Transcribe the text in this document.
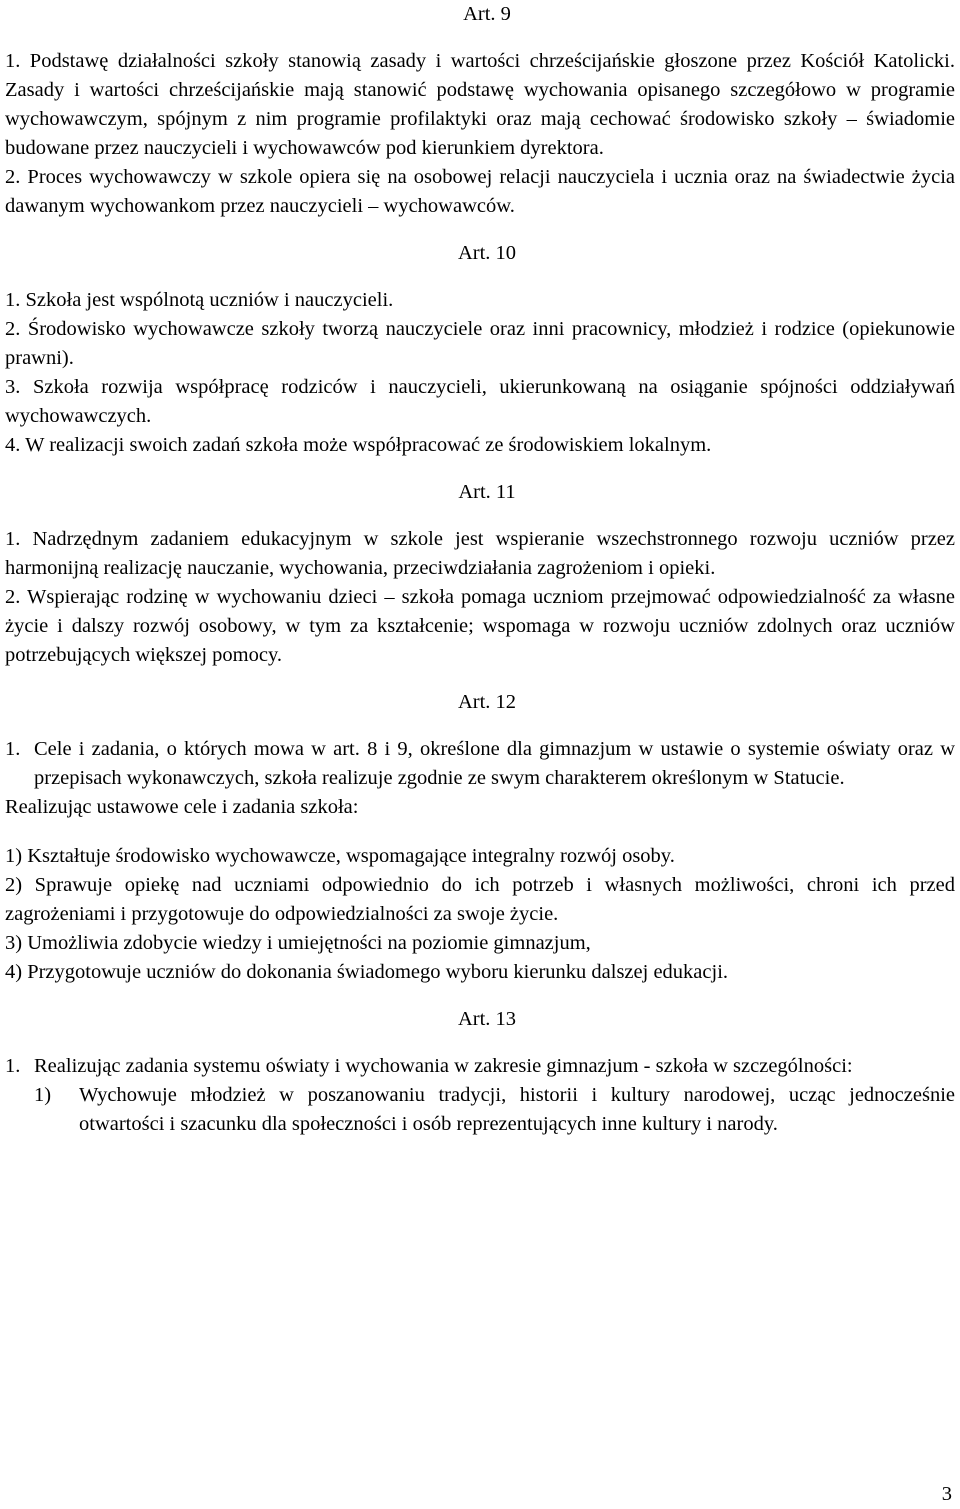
Art. 9

1. Podstawę działalności szkoły stanowią zasady i wartości chrześcijańskie głoszone przez Kościół Katolicki. Zasady i wartości chrześcijańskie mają stanowić podstawę wychowania opisanego szczegółowo w programie wychowawczym, spójnym z nim programie profilaktyki oraz mają cechować środowisko szkoły – świadomie budowane przez nauczycieli i wychowawców pod kierunkiem dyrektora.

2. Proces wychowawczy w szkole opiera się na osobowej relacji nauczyciela i ucznia oraz na świadectwie życia dawanym wychowankom przez nauczycieli – wychowawców.

Art. 10

1. Szkoła jest wspólnotą uczniów i nauczycieli.

2. Środowisko wychowawcze szkoły tworzą nauczyciele oraz inni pracownicy, młodzież i rodzice (opiekunowie prawni).

3. Szkoła rozwija współpracę rodziców i nauczycieli, ukierunkowaną na osiąganie spójności oddziaływań wychowawczych.

4. W realizacji swoich zadań szkoła może współpracować ze środowiskiem lokalnym.

Art. 11

1. Nadrzędnym zadaniem edukacyjnym w szkole jest wspieranie wszechstronnego rozwoju uczniów przez harmonijną realizację nauczanie, wychowania, przeciwdziałania zagrożeniom i opieki.

2. Wspierając rodzinę w wychowaniu dzieci – szkoła pomaga uczniom przejmować odpowiedzialność za własne życie i dalszy rozwój osobowy, w tym za kształcenie; wspomaga w rozwoju uczniów zdolnych oraz uczniów potrzebujących większej pomocy.

Art. 12

1. Cele i zadania, o których mowa w art. 8 i 9, określone dla gimnazjum w ustawie o systemie oświaty oraz w przepisach wykonawczych, szkoła realizuje zgodnie ze swym charakterem określonym w Statucie.

Realizując ustawowe cele i zadania szkoła:

1) Kształtuje środowisko wychowawcze, wspomagające integralny rozwój osoby.

2) Sprawuje opiekę nad uczniami odpowiednio do ich potrzeb i własnych możliwości, chroni ich przed zagrożeniami i przygotowuje do odpowiedzialności za swoje życie.

3) Umożliwia zdobycie wiedzy i umiejętności na poziomie gimnazjum,

4) Przygotowuje uczniów do dokonania świadomego wyboru kierunku dalszej edukacji.

Art. 13

1. Realizując zadania systemu oświaty i wychowania w zakresie gimnazjum - szkoła w szczególności:
1) Wychowuje młodzież w poszanowaniu tradycji, historii i kultury narodowej, ucząc jednocześnie otwartości i szacunku dla społeczności i osób reprezentujących inne kultury i narody.
3
